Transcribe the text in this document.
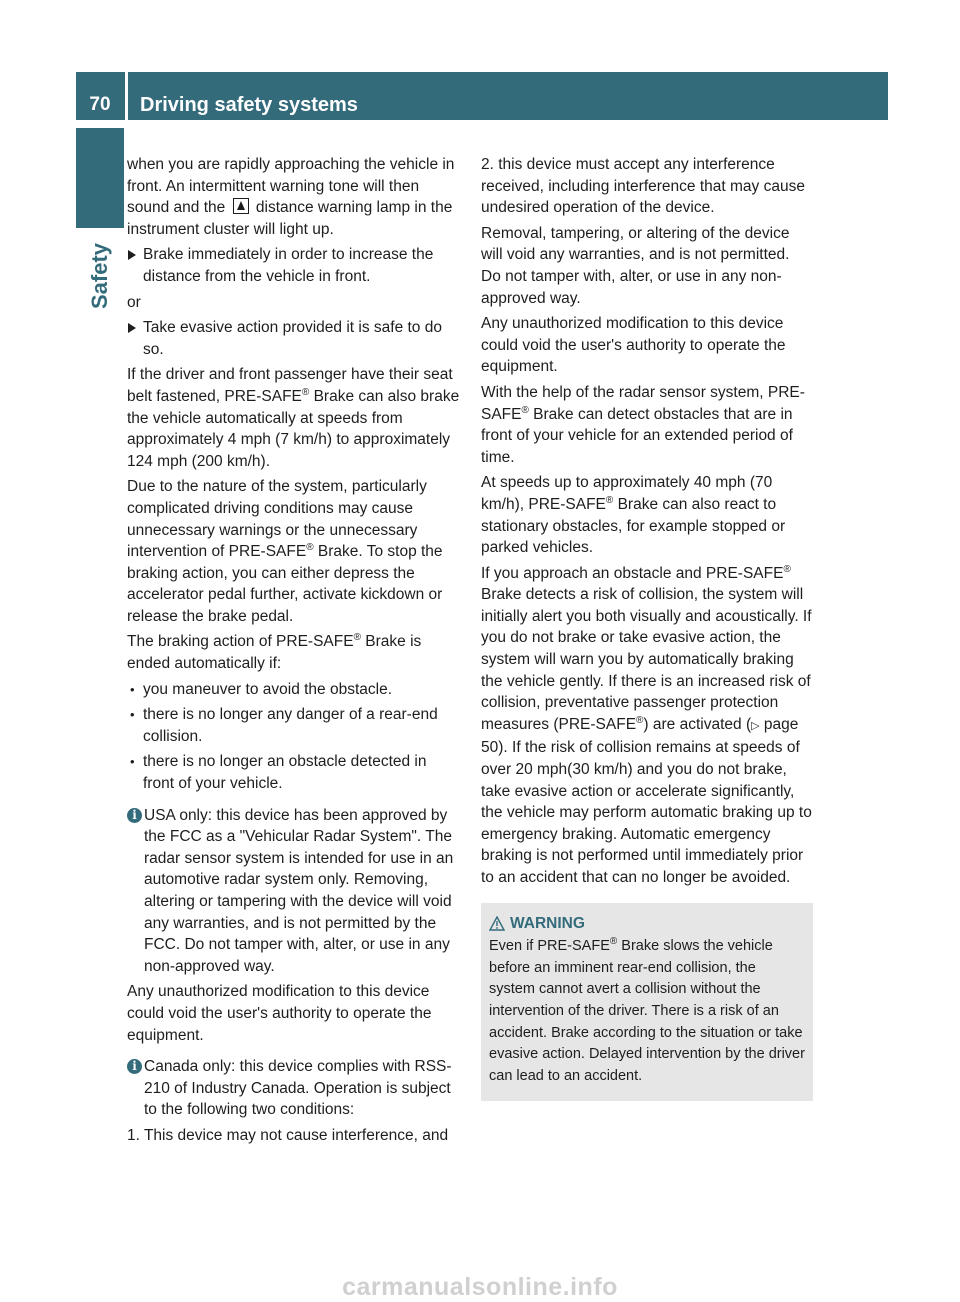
70	Driving safety systems
Safety

when you are rapidly approaching the vehicle in front. An intermittent warning tone will then sound and the distance warning lamp in the instrument cluster will light up.

Brake immediately in order to increase the distance from the vehicle in front.

or

Take evasive action provided it is safe to do so.

If the driver and front passenger have their seat belt fastened, PRE-SAFE® Brake can also brake the vehicle automatically at speeds from approximately 4 mph (7 km/h) to approximately 124 mph (200 km/h).

Due to the nature of the system, particularly complicated driving conditions may cause unnecessary warnings or the unnecessary intervention of PRE-SAFE® Brake. To stop the braking action, you can either depress the accelerator pedal further, activate kickdown or release the brake pedal.

The braking action of PRE-SAFE® Brake is ended automatically if:

• you maneuver to avoid the obstacle.
• there is no longer any danger of a rear-end collision.
• there is no longer an obstacle detected in front of your vehicle.
i USA only: this device has been approved by the FCC as a "Vehicular Radar System". The radar sensor system is intended for use in an automotive radar system only. Removing, altering or tampering with the device will void any warranties, and is not permitted by the FCC. Do not tamper with, alter, or use in any non-approved way.

Any unauthorized modification to this device could void the user's authority to operate the equipment.

i Canada only: this device complies with RSS-210 of Industry Canada. Operation is subject to the following two conditions:

1. This device may not cause interference, and

2. this device must accept any interference received, including interference that may cause undesired operation of the device.

Removal, tampering, or altering of the device will void any warranties, and is not permitted. Do not tamper with, alter, or use in any non-approved way.

Any unauthorized modification to this device could void the user's authority to operate the equipment.

With the help of the radar sensor system, PRE-SAFE® Brake can detect obstacles that are in front of your vehicle for an extended period of time.

At speeds up to approximately 40 mph (70 km/h), PRE-SAFE® Brake can also react to stationary obstacles, for example stopped or parked vehicles.

If you approach an obstacle and PRE-SAFE® Brake detects a risk of collision, the system will initially alert you both visually and acoustically. If you do not brake or take evasive action, the system will warn you by automatically braking the vehicle gently. If there is an increased risk of collision, preventative passenger protection measures (PRE-SAFE®) are activated (▷ page 50). If the risk of collision remains at speeds of over 20 mph(30 km/h) and you do not brake, take evasive action or accelerate significantly, the vehicle may perform automatic braking up to emergency braking. Automatic emergency braking is not performed until immediately prior to an accident that can no longer be avoided.

WARNING

Even if PRE-SAFE® Brake slows the vehicle before an imminent rear-end collision, the system cannot avert a collision without the intervention of the driver. There is a risk of an accident. Brake according to the situation or take evasive action. Delayed intervention by the driver can lead to an accident.

carmanualsonline.info
